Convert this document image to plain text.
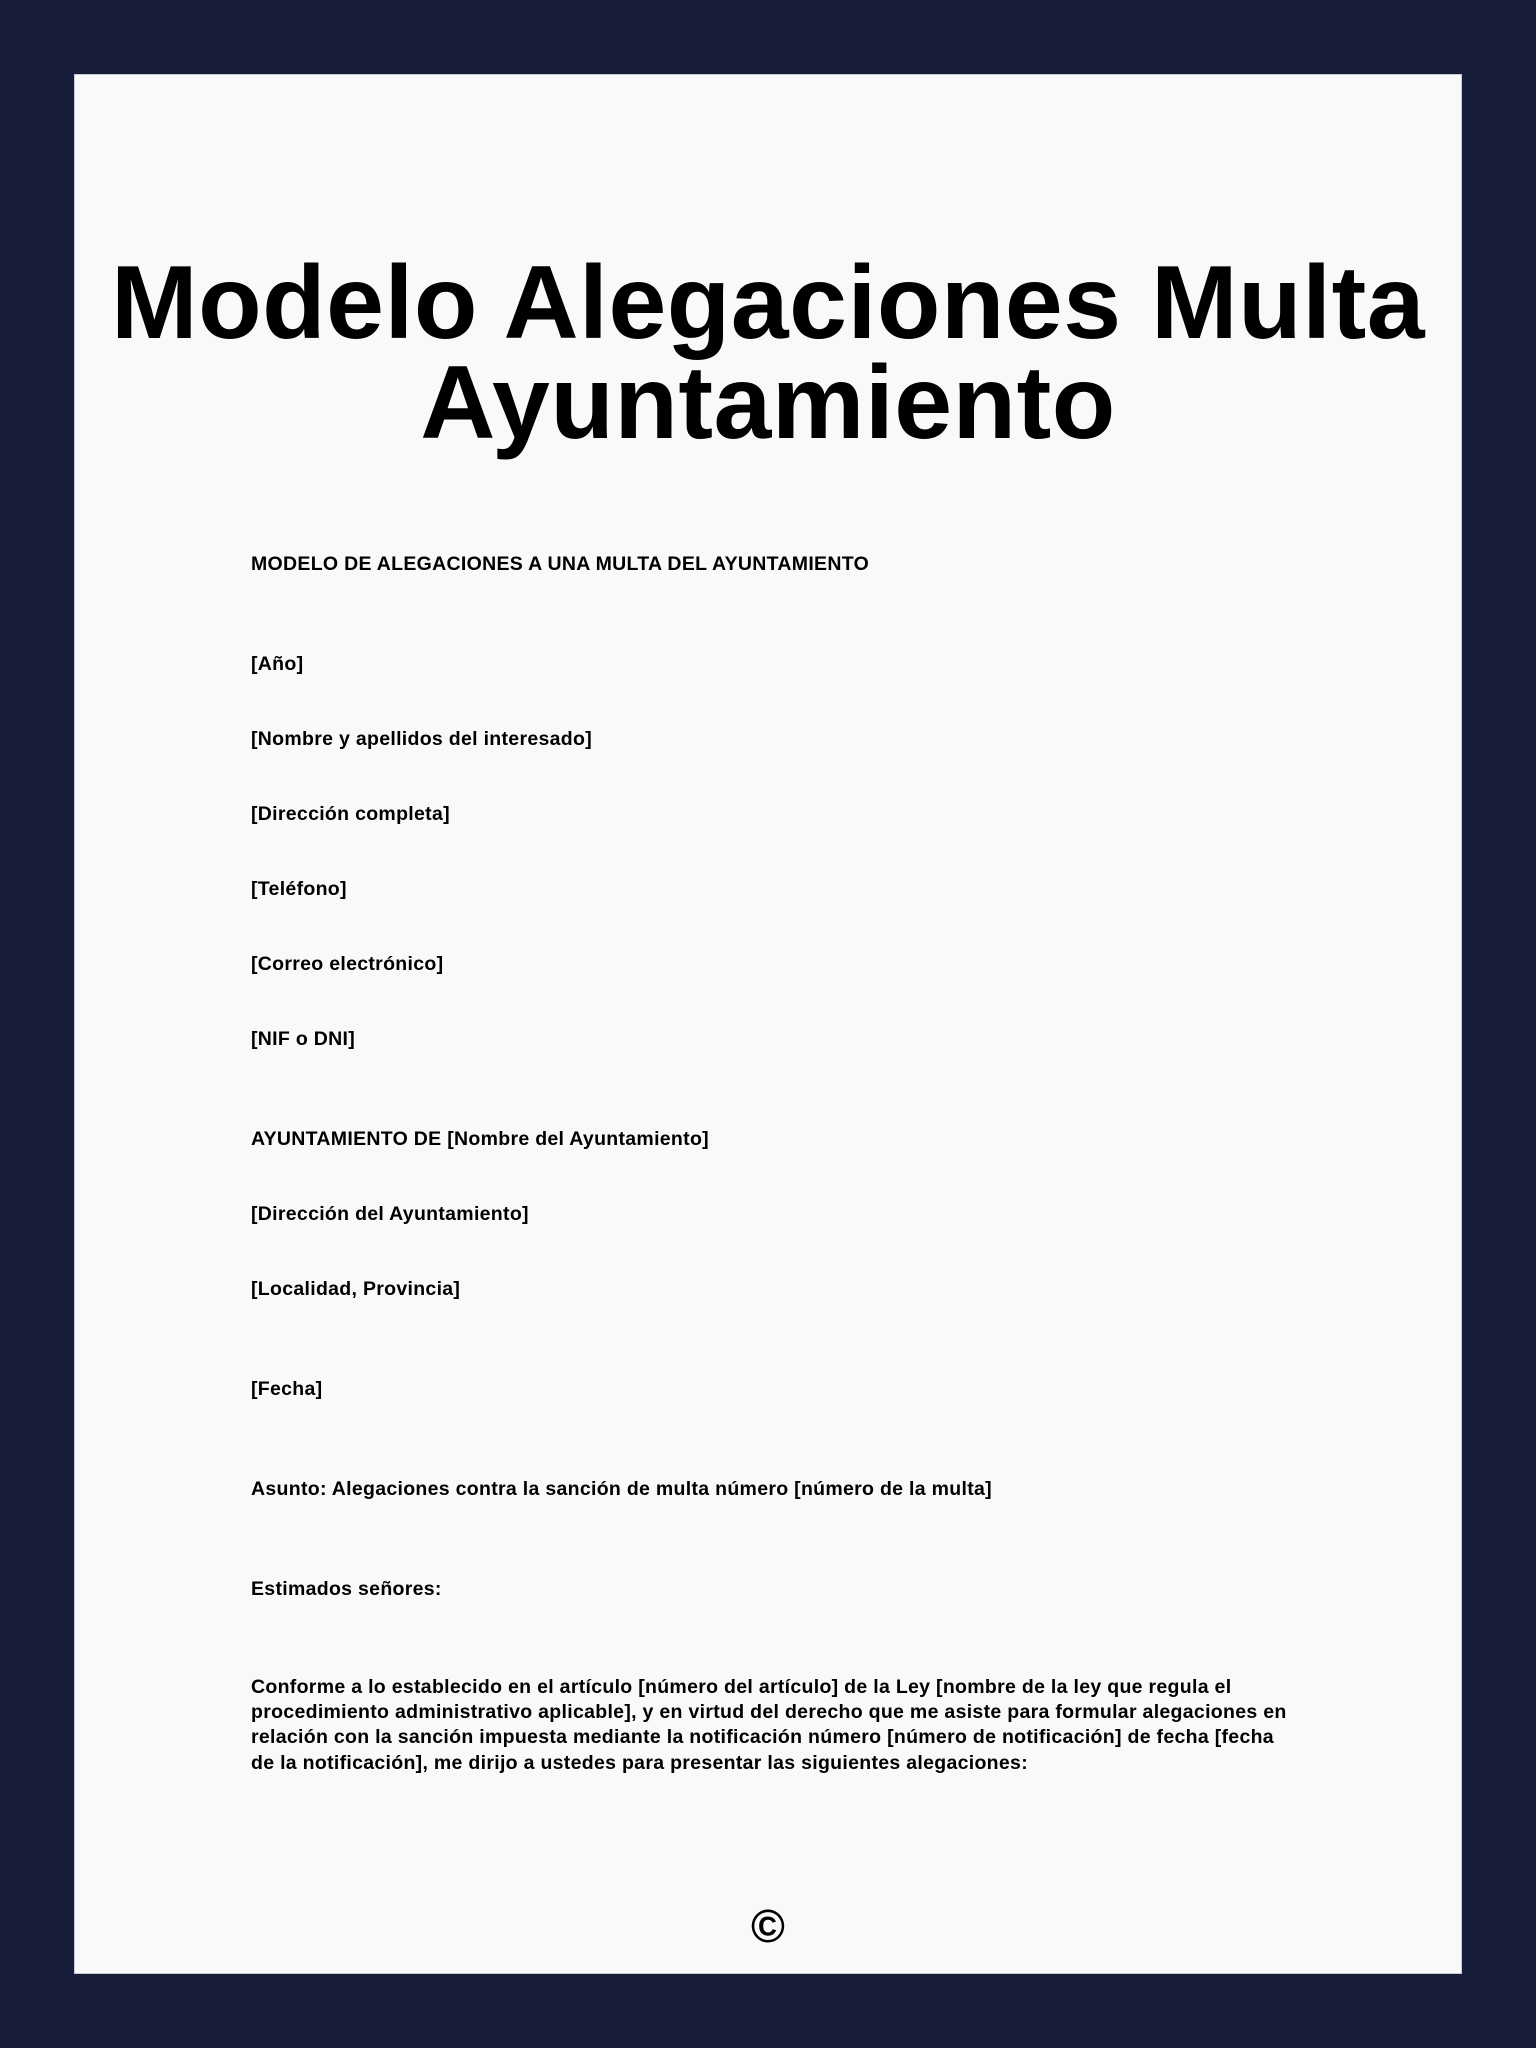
Modelo Alegaciones Multa
Ayuntamiento

MODELO DE ALEGACIONES A UNA MULTA DEL AYUNTAMIENTO

[Año]

[Nombre y apellidos del interesado]

[Dirección completa]

[Teléfono]

[Correo electrónico]

[NIF o DNI]

AYUNTAMIENTO DE [Nombre del Ayuntamiento]

[Dirección del Ayuntamiento]

[Localidad, Provincia]

[Fecha]

Asunto: Alegaciones contra la sanción de multa número [número de la multa]

Estimados señores:

Conforme a lo establecido en el artículo [número del artículo] de la Ley [nombre de la ley que regula el procedimiento administrativo aplicable], y en virtud del derecho que me asiste para formular alegaciones en relación con la sanción impuesta mediante la notificación número [número de notificación] de fecha [fecha de la notificación], me dirijo a ustedes para presentar las siguientes alegaciones:

©
